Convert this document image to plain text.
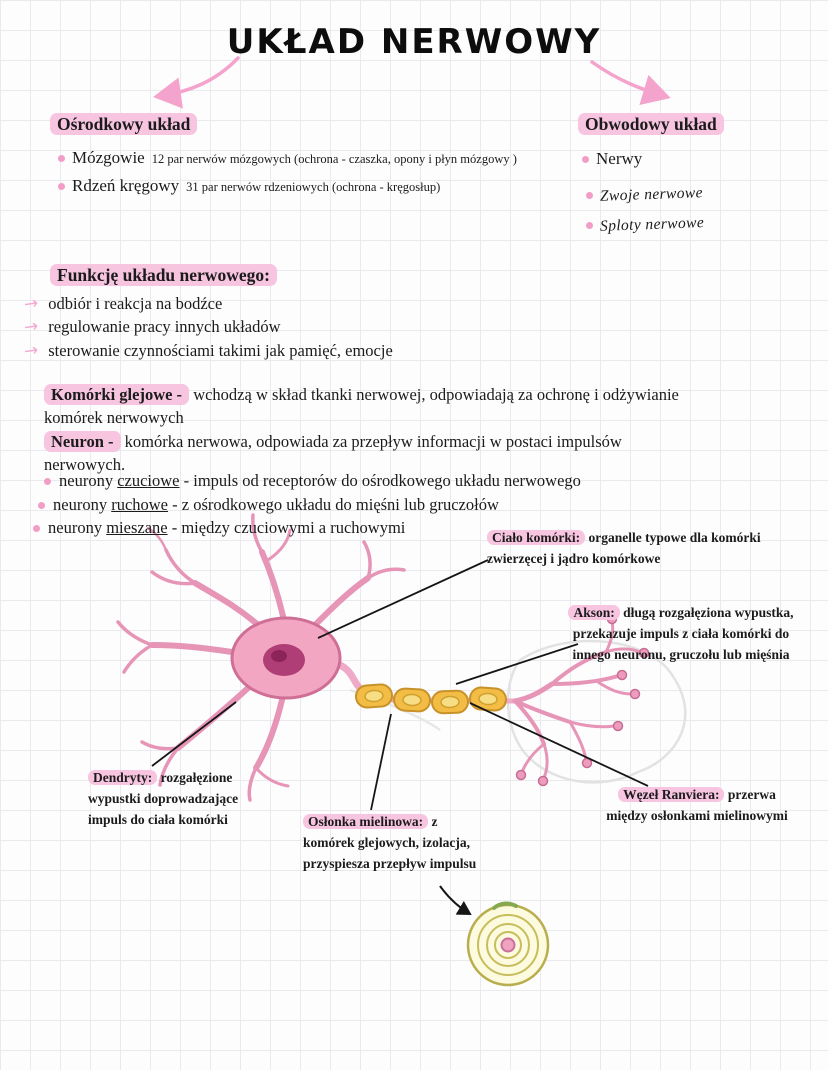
UKŁAD NERWOWY
Ośrodkowy układ
Mózgowie 12 par nerwów mózgowych (ochrona - czaszka, opony i płyn mózgowy )
Rdzeń kręgowy 31 par nerwów rdzeniowych (ochrona - kręgosłup)
Obwodowy układ
Nerwy
Zwoje nerwowe
Sploty nerwowe
Funkcję układu nerwowego:
→ odbiór i reakcja na bodźce
→ regulowanie pracy innych układów
→ sterowanie czynnościami takimi jak pamięć, emocje
Komórki glejowe - wchodzą w skład tkanki nerwowej, odpowiadają za ochronę i odżywianie komórek nerwowych
Neuron - komórka nerwowa, odpowiada za przepływ informacji w postaci impulsów nerwowych.
neurony czuciowe - impuls od receptorów do ośrodkowego układu nerwowego
neurony ruchowe - z ośrodkowego układu do mięśni lub gruczołów
neurony mieszane - między czuciowymi a ruchowymi
Ciało komórki: organelle typowe dla komórki zwierzęcej i jądro komórkowe
Akson: długą rozgałęziona wypustka, przekazuje impuls z ciała komórki do innego neuronu, gruczołu lub mięśnia
Dendryty: rozgałęzione wypustki doprowadzające impuls do ciała komórki	Osłonka mielinowa: z komórek glejowych, izolacja, przyspiesza przepływ impulsu
Węzeł Ranviera: przerwa między osłonkami mielinowymi
